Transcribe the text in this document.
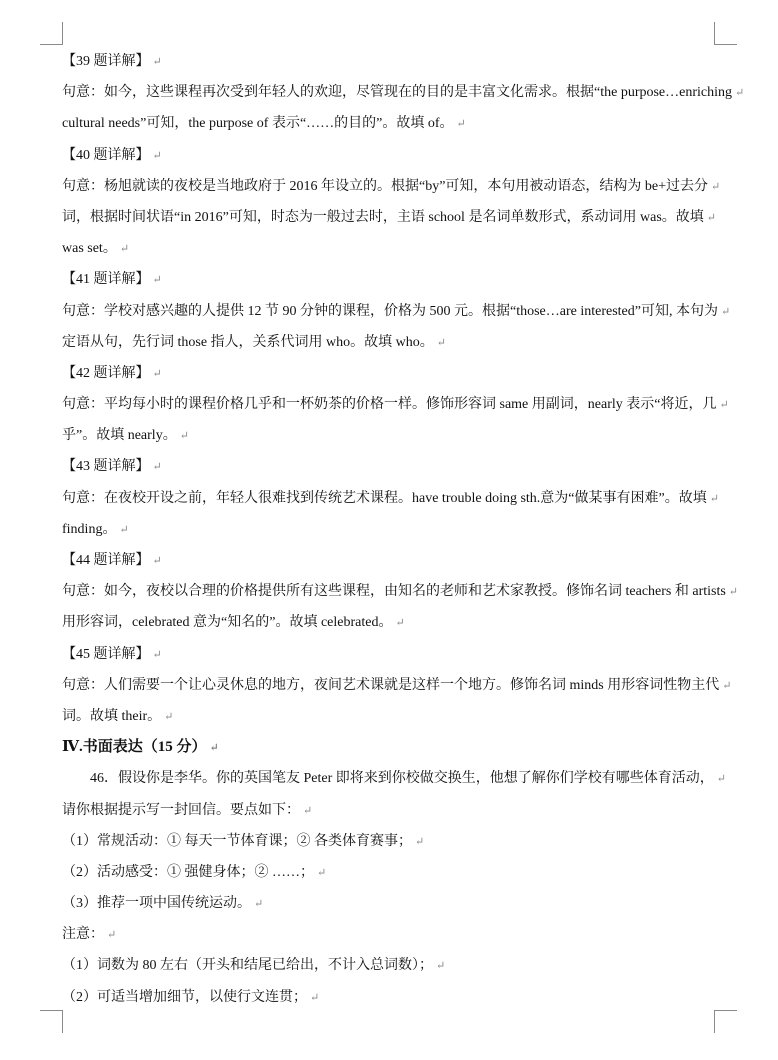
【39 题详解】 ↵
句意：如今，这些课程再次受到年轻人的欢迎，尽管现在的目的是丰富文化需求。根据“the purpose…enriching ↵
cultural needs”可知，the purpose of 表示“……的目的”。故填 of。 ↵
【40 题详解】 ↵
句意：杨旭就读的夜校是当地政府于 2016 年设立的。根据“by”可知，本句用被动语态，结构为 be+过去分 ↵
词，根据时间状语“in 2016”可知，时态为一般过去时，主语 school 是名词单数形式，系动词用 was。故填 ↵
was set。 ↵
【41 题详解】 ↵
句意：学校对感兴趣的人提供 12 节 90 分钟的课程，价格为 500 元。根据“those…are interested”可知, 本句为 ↵
定语从句，先行词 those 指人，关系代词用 who。故填 who。 ↵
【42 题详解】 ↵
句意：平均每小时的课程价格几乎和一杯奶茶的价格一样。修饰形容词 same 用副词，nearly 表示“将近，几 ↵
乎”。故填 nearly。 ↵
【43 题详解】 ↵
句意：在夜校开设之前，年轻人很难找到传统艺术课程。have trouble doing sth.意为“做某事有困难”。故填 ↵
finding。 ↵
【44 题详解】 ↵
句意：如今，夜校以合理的价格提供所有这些课程，由知名的老师和艺术家教授。修饰名词 teachers 和 artists ↵
用形容词，celebrated 意为“知名的”。故填 celebrated。 ↵
【45 题详解】 ↵
句意：人们需要一个让心灵休息的地方，夜间艺术课就是这样一个地方。修饰名词 minds 用形容词性物主代 ↵
词。故填 their。 ↵
Ⅳ.书面表达（15 分） ↵
46．假设你是李华。你的英国笔友 Peter 即将来到你校做交换生，他想了解你们学校有哪些体育活动， ↵
请你根据提示写一封回信。要点如下： ↵
（1）常规活动：① 每天一节体育课；② 各类体育赛事； ↵
（2）活动感受：① 强健身体；② ……； ↵
（3）推荐一项中国传统运动。 ↵
注意： ↵
（1）词数为 80 左右（开头和结尾已给出，不计入总词数）； ↵
（2）可适当增加细节，以使行文连贯； ↵
